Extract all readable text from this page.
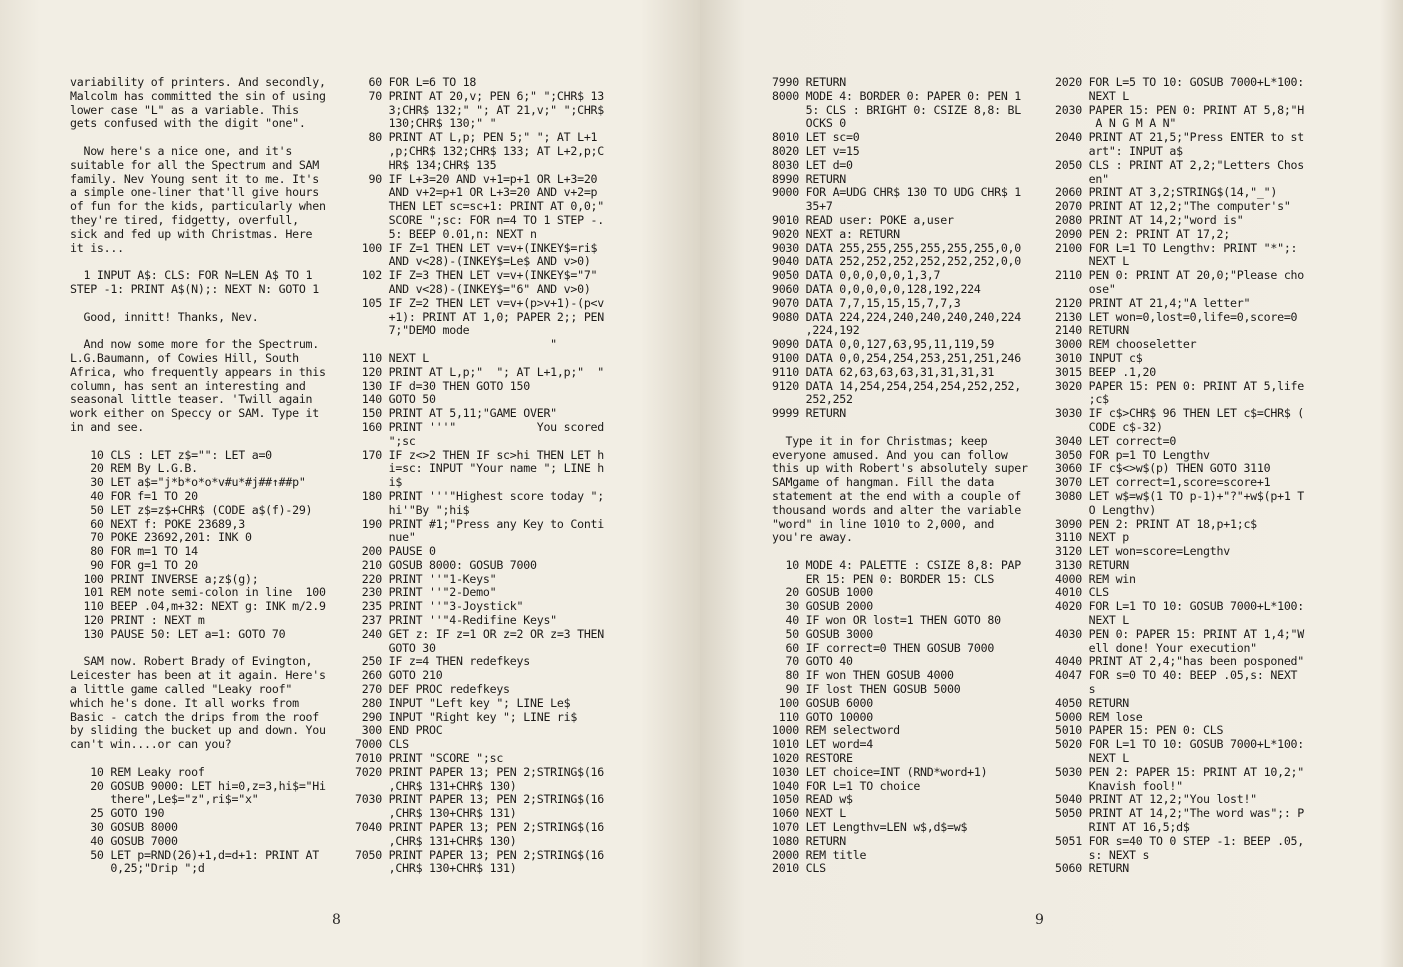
variability of printers. And secondly,
Malcolm has committed the sin of using
lower case "L" as a variable. This
gets confused with the digit "one".
Now here's a nice one, and it's
suitable for all the Spectrum and SAM
family. Nev Young sent it to me. It's
a simple one-liner that'll give hours
of fun for the kids, particularly when
they're tired, fidgetty, overfull,
sick and fed up with Christmas. Here
it is...
1 INPUT A$: CLS: FOR N=LEN A$ TO 1
STEP -1: PRINT A$(N);: NEXT N: GOTO 1
Good, innitt! Thanks, Nev.
And now some more for the Spectrum.
L.G.Baumann, of Cowies Hill, South
Africa, who frequently appears in this
column, has sent an interesting and
seasonal little teaser. 'Twill again
work either on Speccy or SAM. Type it
in and see.
10 CLS : LET z$="": LET a=0
20 REM By L.G.B.
30 LET a$="j*b*o*o*v#u*#j##↑##p"
40 FOR f=1 TO 20
50 LET z$=z$+CHR$ (CODE a$(f)-29)
60 NEXT f: POKE 23689,3
70 POKE 23692,201: INK 0
80 FOR m=1 TO 14
90 FOR g=1 TO 20
100 PRINT INVERSE a;z$(g);
101 REM note semi-colon in line  100
110 BEEP .04,m+32: NEXT g: INK m/2.9
120 PRINT : NEXT m
130 PAUSE 50: LET a=1: GOTO 70
SAM now. Robert Brady of Evington,
Leicester has been at it again. Here's
a little game called "Leaky roof"
which he's done. It all works from
Basic - catch the drips from the roof
by sliding the bucket up and down. You
can't win....or can you?
10 REM Leaky roof
20 GOSUB 9000: LET hi=0,z=3,hi$="Hi
there",Le$="z",ri$="x"
25 GOTO 190
30 GOSUB 8000
40 GOSUB 7000
50 LET p=RND(26)+1,d=d+1: PRINT AT
0,25;"Drip ";d
60 FOR L=6 TO 18
70 PRINT AT 20,v; PEN 6;" ";CHR$ 13
3;CHR$ 132;" "; AT 21,v;" ";CHR$
130;CHR$ 130;" "
80 PRINT AT L,p; PEN 5;" "; AT L+1
,p;CHR$ 132;CHR$ 133; AT L+2,p;C
HR$ 134;CHR$ 135
90 IF L+3=20 AND v+1=p+1 OR L+3=20
AND v+2=p+1 OR L+3=20 AND v+2=p
THEN LET sc=sc+1: PRINT AT 0,0;"
SCORE ";sc: FOR n=4 TO 1 STEP -.
5: BEEP 0.01,n: NEXT n
100 IF Z=1 THEN LET v=v+(INKEY$=ri$
AND v<28)-(INKEY$=Le$ AND v>0)
102 IF Z=3 THEN LET v=v+(INKEY$="7"
AND v<28)-(INKEY$="6" AND v>0)
105 IF Z=2 THEN LET v=v+(p>v+1)-(p<v
+1): PRINT AT 1,0; PAPER 2;; PEN
7;"DEMO mode
"
110 NEXT L
120 PRINT AT L,p;"  "; AT L+1,p;"  "
130 IF d=30 THEN GOTO 150
140 GOTO 50
150 PRINT AT 5,11;"GAME OVER"
160 PRINT '''"            You scored
";sc
170 IF z<>2 THEN IF sc>hi THEN LET h
i=sc: INPUT "Your name "; LINE h
i$
180 PRINT '''"Highest score today ";
hi'"By ";hi$
190 PRINT #1;"Press any Key to Conti
nue"
200 PAUSE 0
210 GOSUB 8000: GOSUB 7000
220 PRINT ''"1-Keys"
230 PRINT ''"2-Demo"
235 PRINT ''"3-Joystick"
237 PRINT ''"4-Redifine Keys"
240 GET z: IF z=1 OR z=2 OR z=3 THEN
GOTO 30
250 IF z=4 THEN redefkeys
260 GOTO 210
270 DEF PROC redefkeys
280 INPUT "Left key "; LINE Le$
290 INPUT "Right key "; LINE ri$
300 END PROC
7000 CLS
7010 PRINT "SCORE ";sc
7020 PRINT PAPER 13; PEN 2;STRING$(16
,CHR$ 131+CHR$ 130)
7030 PRINT PAPER 13; PEN 2;STRING$(16
,CHR$ 130+CHR$ 131)
7040 PRINT PAPER 13; PEN 2;STRING$(16
,CHR$ 131+CHR$ 130)
7050 PRINT PAPER 13; PEN 2;STRING$(16
,CHR$ 130+CHR$ 131)
8
7990 RETURN
8000 MODE 4: BORDER 0: PAPER 0: PEN 1
5: CLS : BRIGHT 0: CSIZE 8,8: BL
OCKS 0
8010 LET sc=0
8020 LET v=15
8030 LET d=0
8990 RETURN
9000 FOR A=UDG CHR$ 130 TO UDG CHR$ 1
35+7
9010 READ user: POKE a,user
9020 NEXT a: RETURN
9030 DATA 255,255,255,255,255,255,0,0
9040 DATA 252,252,252,252,252,252,0,0
9050 DATA 0,0,0,0,0,1,3,7
9060 DATA 0,0,0,0,0,128,192,224
9070 DATA 7,7,15,15,15,7,7,3
9080 DATA 224,224,240,240,240,240,224
,224,192
9090 DATA 0,0,127,63,95,11,119,59
9100 DATA 0,0,254,254,253,251,251,246
9110 DATA 62,63,63,63,31,31,31,31
9120 DATA 14,254,254,254,254,252,252,
252,252
9999 RETURN
Type it in for Christmas; keep
everyone amused. And you can follow
this up with Robert's absolutely super
SAMgame of hangman. Fill the data
statement at the end with a couple of
thousand words and alter the variable
"word" in line 1010 to 2,000, and
you're away.
10 MODE 4: PALETTE : CSIZE 8,8: PAP
ER 15: PEN 0: BORDER 15: CLS
20 GOSUB 1000
30 GOSUB 2000
40 IF won OR lost=1 THEN GOTO 80
50 GOSUB 3000
60 IF correct=0 THEN GOSUB 7000
70 GOTO 40
80 IF won THEN GOSUB 4000
90 IF lost THEN GOSUB 5000
100 GOSUB 6000
110 GOTO 10000
1000 REM selectword
1010 LET word=4
1020 RESTORE
1030 LET choice=INT (RND*word+1)
1040 FOR L=1 TO choice
1050 READ w$
1060 NEXT L
1070 LET Lengthv=LEN w$,d$=w$
1080 RETURN
2000 REM title
2010 CLS
2020 FOR L=5 TO 10: GOSUB 7000+L*100:
NEXT L
2030 PAPER 15: PEN 0: PRINT AT 5,8;"H
A N G M A N"
2040 PRINT AT 21,5;"Press ENTER to st
art": INPUT a$
2050 CLS : PRINT AT 2,2;"Letters Chos
en"
2060 PRINT AT 3,2;STRING$(14,"_")
2070 PRINT AT 12,2;"The computer's"
2080 PRINT AT 14,2;"word is"
2090 PEN 2: PRINT AT 17,2;
2100 FOR L=1 TO Lengthv: PRINT "*";:
NEXT L
2110 PEN 0: PRINT AT 20,0;"Please cho
ose"
2120 PRINT AT 21,4;"A letter"
2130 LET won=0,lost=0,life=0,score=0
2140 RETURN
3000 REM chooseletter
3010 INPUT c$
3015 BEEP .1,20
3020 PAPER 15: PEN 0: PRINT AT 5,life
;c$
3030 IF c$>CHR$ 96 THEN LET c$=CHR$ (
CODE c$-32)
3040 LET correct=0
3050 FOR p=1 TO Lengthv
3060 IF c$<>w$(p) THEN GOTO 3110
3070 LET correct=1,score=score+1
3080 LET w$=w$(1 TO p-1)+"?"+w$(p+1 T
O Lengthv)
3090 PEN 2: PRINT AT 18,p+1;c$
3110 NEXT p
3120 LET won=score=Lengthv
3130 RETURN
4000 REM win
4010 CLS
4020 FOR L=1 TO 10: GOSUB 7000+L*100:
NEXT L
4030 PEN 0: PAPER 15: PRINT AT 1,4;"W
ell done! Your execution"
4040 PRINT AT 2,4;"has been posponed"
4047 FOR s=0 TO 40: BEEP .05,s: NEXT
s
4050 RETURN
5000 REM lose
5010 PAPER 15: PEN 0: CLS
5020 FOR L=1 TO 10: GOSUB 7000+L*100:
NEXT L
5030 PEN 2: PAPER 15: PRINT AT 10,2;"
Knavish fool!"
5040 PRINT AT 12,2;"You lost!"
5050 PRINT AT 14,2;"The word was";: P
RINT AT 16,5;d$
5051 FOR s=40 TO 0 STEP -1: BEEP .05,
s: NEXT s
5060 RETURN
9
